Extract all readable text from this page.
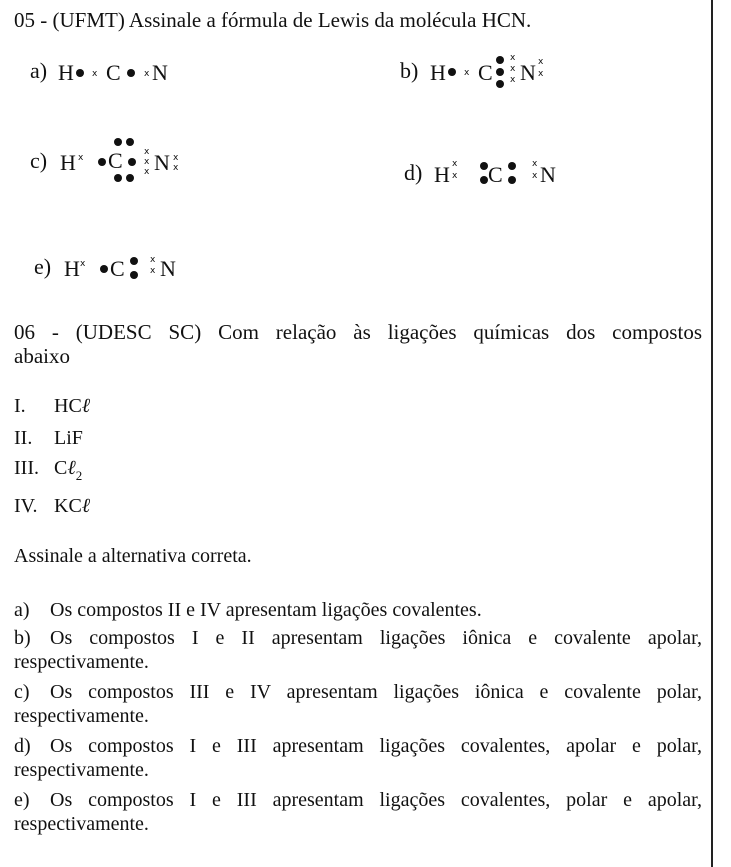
05 - (UFMT) Assinale a fórmula de Lewis da molécula HCN.
a) H x C	x N	b) H x C
x
x
x N x
x
c) H x C x
x
x N x
x	d) H x
x C	x
x N
e) H x C	x
x N
06 - (UDESC SC) Com relação às ligações químicas dos compostos
abaixo
I. HCℓ
II. LiF
III. Cℓ$_2$
IV. KCℓ
Assinale a alternativa correta.
a) Os compostos II e IV apresentam ligações covalentes.
b) Os compostos I e II apresentam ligações iônica e covalente apolar,
respectivamente.
c) Os compostos III e IV apresentam ligações iônica e covalente polar,
respectivamente.
d) Os compostos I e III apresentam ligações covalentes, apolar e polar,
respectivamente.
e) Os compostos I e III apresentam ligações covalentes, polar e apolar,
respectivamente.
